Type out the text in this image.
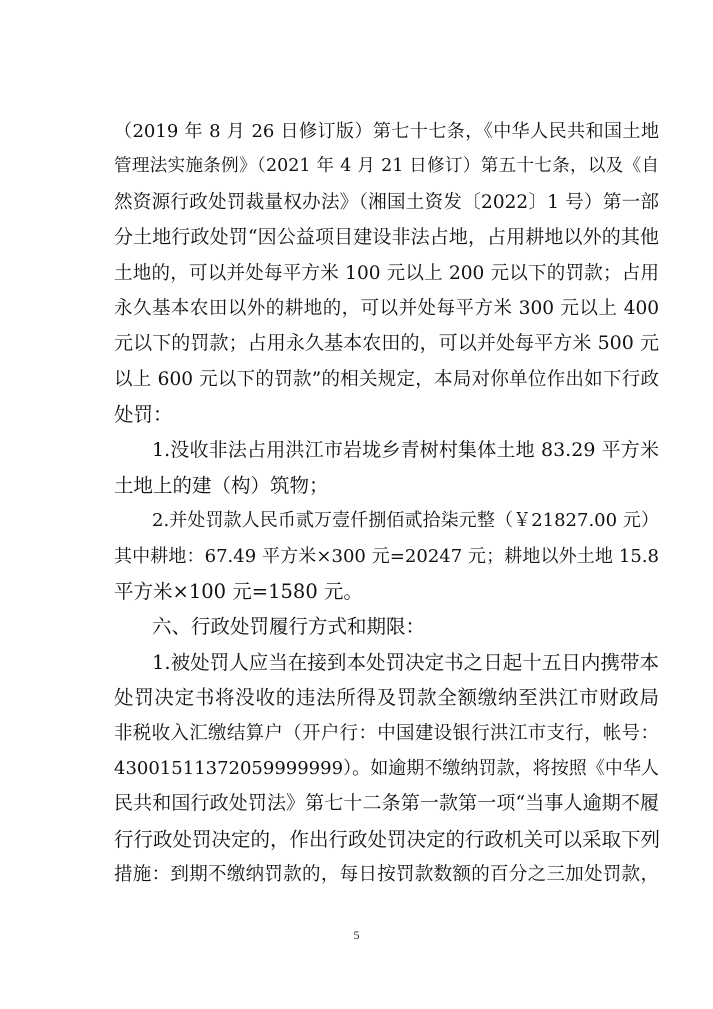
（2019 年 8 月 26 日修订版）第七十七条，《中华人民共和国土地
管理法实施条例》（2021 年 4 月 21 日修订）第五十七条，以及《自
然资源行政处罚裁量权办法》（湘国土资发〔2022〕1 号）第一部
分土地行政处罚“因公益项目建设非法占地，占用耕地以外的其他
土地的，可以并处每平方米 100 元以上 200 元以下的罚款；占用
永久基本农田以外的耕地的，可以并处每平方米 300 元以上 400
元以下的罚款；占用永久基本农田的，可以并处每平方米 500 元
以上 600 元以下的罚款”的相关规定，本局对你单位作出如下行政
处罚：
1.没收非法占用洪江市岩垅乡青树村集体土地 83.29 平方米
土地上的建（构）筑物；
2.并处罚款人民币贰万壹仟捌佰贰拾柒元整（￥21827.00 元）
其中耕地：67.49 平方米×300 元=20247 元；耕地以外土地 15.8
平方米×100 元=1580 元。
六、行政处罚履行方式和期限：
1.被处罚人应当在接到本处罚决定书之日起十五日内携带本
处罚决定书将没收的违法所得及罚款全额缴纳至洪江市财政局
非税收入汇缴结算户（开户行：中国建设银行洪江市支行，帐号：
43001511372059999999）。如逾期不缴纳罚款，将按照《中华人
民共和国行政处罚法》第七十二条第一款第一项“当事人逾期不履
行行政处罚决定的，作出行政处罚决定的行政机关可以采取下列
措施：到期不缴纳罚款的，每日按罚款数额的百分之三加处罚款，
5
